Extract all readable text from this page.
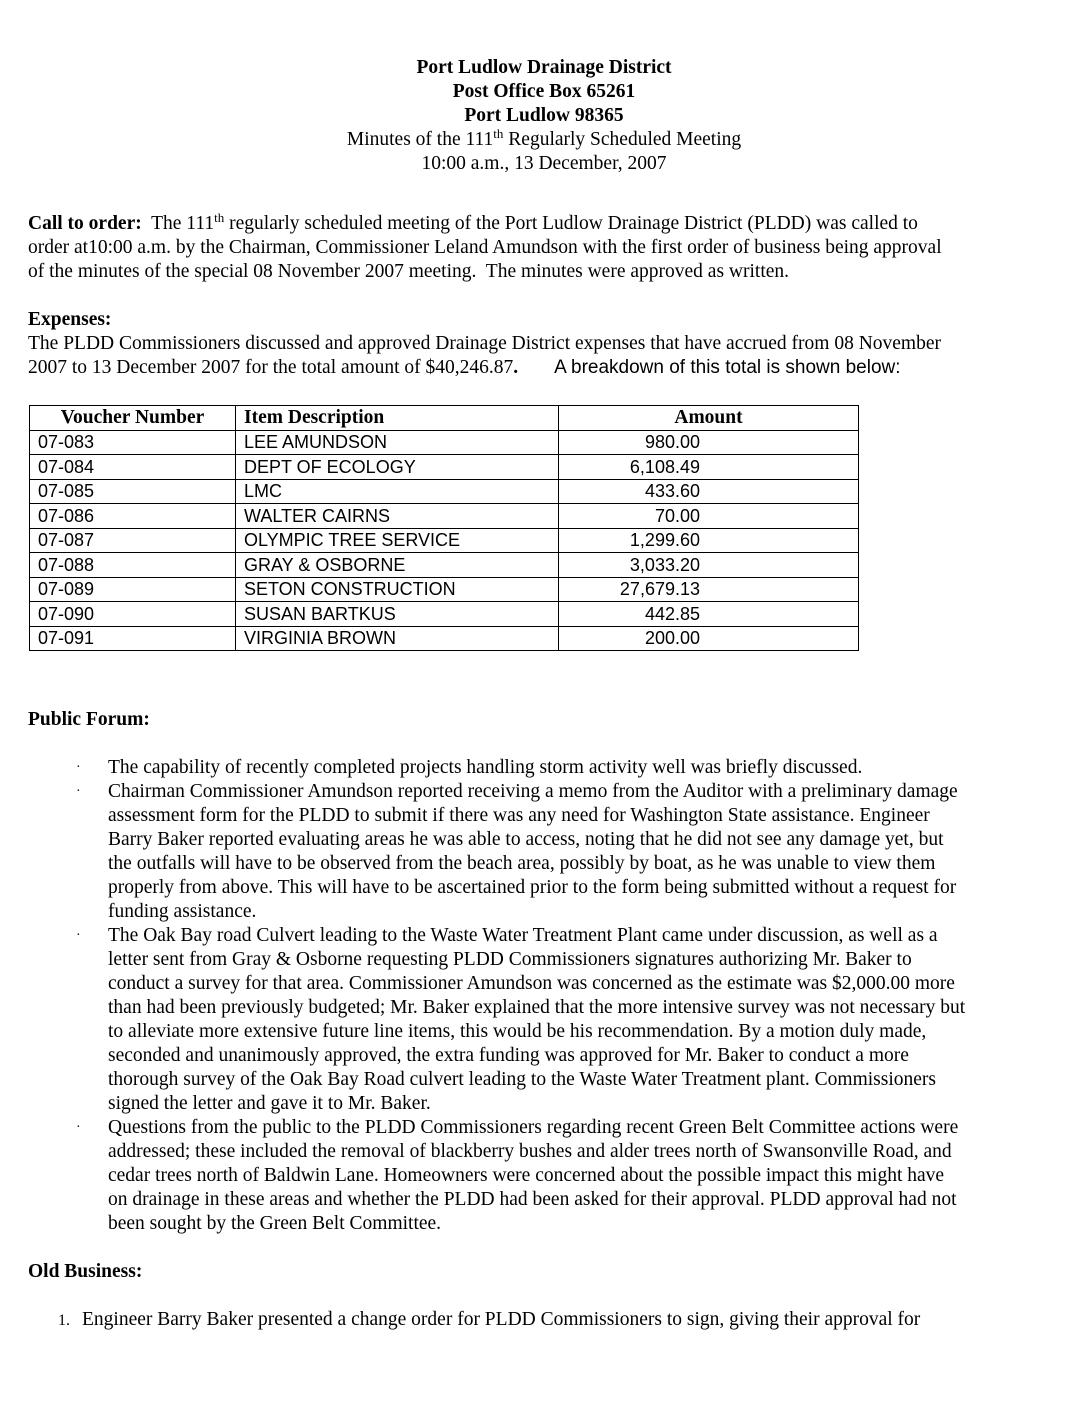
Port Ludlow Drainage District
Post Office Box 65261
Port Ludlow 98365
Minutes of the 111th Regularly Scheduled Meeting
10:00 a.m., 13 December, 2007

Call to order:  The 111th regularly scheduled meeting of the Port Ludlow Drainage District (PLDD) was called to

order at10:00 a.m. by the Chairman, Commissioner Leland Amundson with the first order of business being approval

of the minutes of the special 08 November 2007 meeting.  The minutes were approved as written.

Expenses:

The PLDD Commissioners discussed and approved Drainage District expenses that have accrued from 08 November

2007 to 13 December 2007 for the total amount of $40,246.87. A breakdown of this total is shown below:

Voucher Number	Item Description	Amount
07-083	LEE AMUNDSON	980.00
07-084	DEPT OF ECOLOGY	6,108.49
07-085	LMC	433.60
07-086	WALTER CAIRNS	70.00
07-087	OLYMPIC TREE SERVICE	1,299.60
07-088	GRAY & OSBORNE	3,033.20
07-089	SETON CONSTRUCTION	27,679.13
07-090	SUSAN BARTKUS	442.85
07-091	VIRGINIA BROWN	200.00

Public Forum:

· The capability of recently completed projects handling storm activity well was briefly discussed.

· Chairman Commissioner Amundson reported receiving a memo from the Auditor with a preliminary damage

assessment form for the PLDD to submit if there was any need for Washington State assistance. Engineer

Barry Baker reported evaluating areas he was able to access, noting that he did not see any damage yet, but

the outfalls will have to be observed from the beach area, possibly by boat, as he was unable to view them

properly from above. This will have to be ascertained prior to the form being submitted without a request for

funding assistance.

· The Oak Bay road Culvert leading to the Waste Water Treatment Plant came under discussion, as well as a

letter sent from Gray & Osborne requesting PLDD Commissioners signatures authorizing Mr. Baker to

conduct a survey for that area. Commissioner Amundson was concerned as the estimate was $2,000.00 more

than had been previously budgeted; Mr. Baker explained that the more intensive survey was not necessary but

to alleviate more extensive future line items, this would be his recommendation. By a motion duly made,

seconded and unanimously approved, the extra funding was approved for Mr. Baker to conduct a more

thorough survey of the Oak Bay Road culvert leading to the Waste Water Treatment plant. Commissioners

signed the letter and gave it to Mr. Baker.

· Questions from the public to the PLDD Commissioners regarding recent Green Belt Committee actions were

addressed; these included the removal of blackberry bushes and alder trees north of Swansonville Road, and

cedar trees north of Baldwin Lane. Homeowners were concerned about the possible impact this might have

on drainage in these areas and whether the PLDD had been asked for their approval. PLDD approval had not

been sought by the Green Belt Committee.

Old Business:

1. Engineer Barry Baker presented a change order for PLDD Commissioners to sign, giving their approval for
